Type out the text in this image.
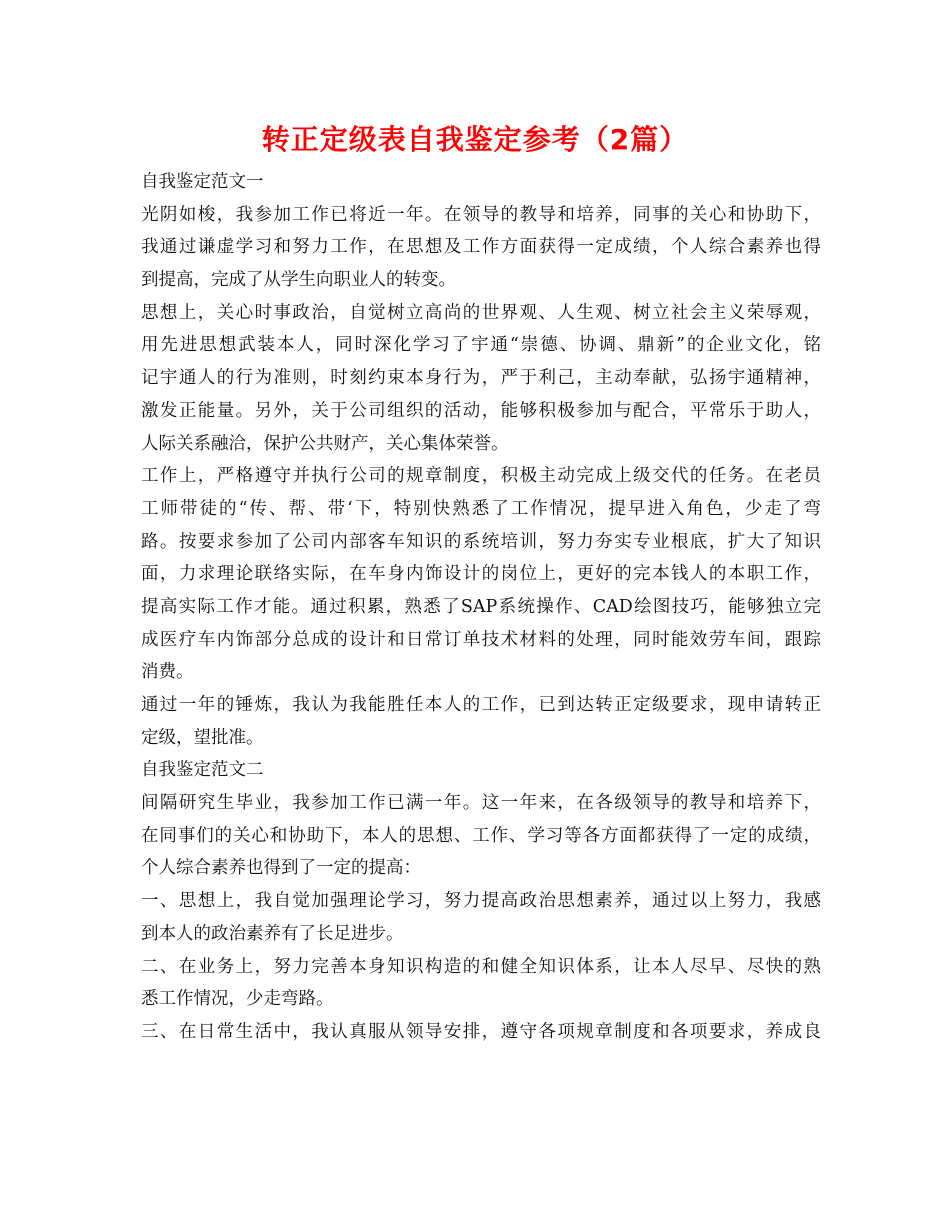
转正定级表自我鉴定参考（2篇）
自我鉴定范文一
光阴如梭，我参加工作已将近一年。在领导的教导和培养，同事的关心和协助下，
我通过谦虚学习和努力工作，在思想及工作方面获得一定成绩，个人综合素养也得
到提高，完成了从学生向职业人的转变。
思想上，关心时事政治，自觉树立高尚的世界观、人生观、树立社会主义荣辱观，
用先进思想武装本人，同时深化学习了宇通“崇德、协调、鼎新”的企业文化，铭
记宇通人的行为准则，时刻约束本身行为，严于利己，主动奉献，弘扬宇通精神，
激发正能量。另外，关于公司组织的活动，能够积极参加与配合，平常乐于助人，
人际关系融洽，保护公共财产，关心集体荣誉。
工作上，严格遵守并执行公司的规章制度，积极主动完成上级交代的任务。在老员
工师带徒的“传、帮、带‘下，特别快熟悉了工作情况，提早进入角色，少走了弯
路。按要求参加了公司内部客车知识的系统培训，努力夯实专业根底，扩大了知识
面，力求理论联络实际，在车身内饰设计的岗位上，更好的完本钱人的本职工作，
提高实际工作才能。通过积累，熟悉了SAP系统操作、CAD绘图技巧，能够独立完
成医疗车内饰部分总成的设计和日常订单技术材料的处理，同时能效劳车间，跟踪
消费。
通过一年的锤炼，我认为我能胜任本人的工作，已到达转正定级要求，现申请转正
定级，望批准。
自我鉴定范文二
间隔研究生毕业，我参加工作已满一年。这一年来，在各级领导的教导和培养下，
在同事们的关心和协助下，本人的思想、工作、学习等各方面都获得了一定的成绩，
个人综合素养也得到了一定的提高：
一、思想上，我自觉加强理论学习，努力提高政治思想素养，通过以上努力，我感
到本人的政治素养有了长足进步。
二、在业务上，努力完善本身知识构造的和健全知识体系，让本人尽早、尽快的熟
悉工作情况，少走弯路。
三、在日常生活中，我认真服从领导安排，遵守各项规章制度和各项要求，养成良
